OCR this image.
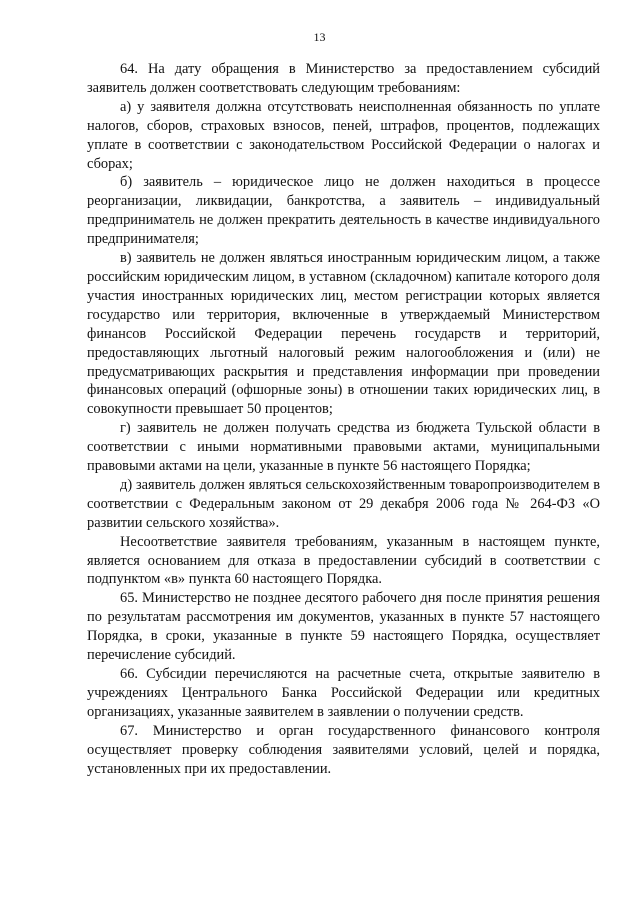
13

64. На дату обращения в Министерство за предоставлением субсидий заявитель должен соответствовать следующим требованиям:

а) у заявителя должна отсутствовать неисполненная обязанность по уплате налогов, сборов, страховых взносов, пеней, штрафов, процентов, подлежащих уплате в соответствии с законодательством Российской Федерации о налогах и сборах;

б) заявитель – юридическое лицо не должен находиться в процессе реорганизации, ликвидации, банкротства, а заявитель – индивидуальный предприниматель не должен прекратить деятельность в качестве индивидуального предпринимателя;

в) заявитель не должен являться иностранным юридическим лицом, а также российским юридическим лицом, в уставном (складочном) капитале которого доля участия иностранных юридических лиц, местом регистрации которых является государство или территория, включенные в утверждаемый Министерством финансов Российской Федерации перечень государств и территорий, предоставляющих льготный налоговый режим налогообложения и (или) не предусматривающих раскрытия и представления информации при проведении финансовых операций (офшорные зоны) в отношении таких юридических лиц, в совокупности превышает 50 процентов;

г) заявитель не должен получать средства из бюджета Тульской области в соответствии с иными нормативными правовыми актами, муниципальными правовыми актами на цели, указанные в пункте 56 настоящего Порядка;

д) заявитель должен являться сельскохозяйственным товаропроизводителем в соответствии с Федеральным законом от 29 декабря 2006 года № 264-ФЗ «О развитии сельского хозяйства».

Несоответствие заявителя требованиям, указанным в настоящем пункте, является основанием для отказа в предоставлении субсидий в соответствии с подпунктом «в» пункта 60 настоящего Порядка.

65. Министерство не позднее десятого рабочего дня после принятия решения по результатам рассмотрения им документов, указанных в пункте 57 настоящего Порядка, в сроки, указанные в пункте 59 настоящего Порядка, осуществляет перечисление субсидий.

66. Субсидии перечисляются на расчетные счета, открытые заявителю в учреждениях Центрального Банка Российской Федерации или кредитных организациях, указанные заявителем в заявлении о получении средств.

67. Министерство и орган государственного финансового контроля осуществляет проверку соблюдения заявителями условий, целей и порядка, установленных при их предоставлении.
